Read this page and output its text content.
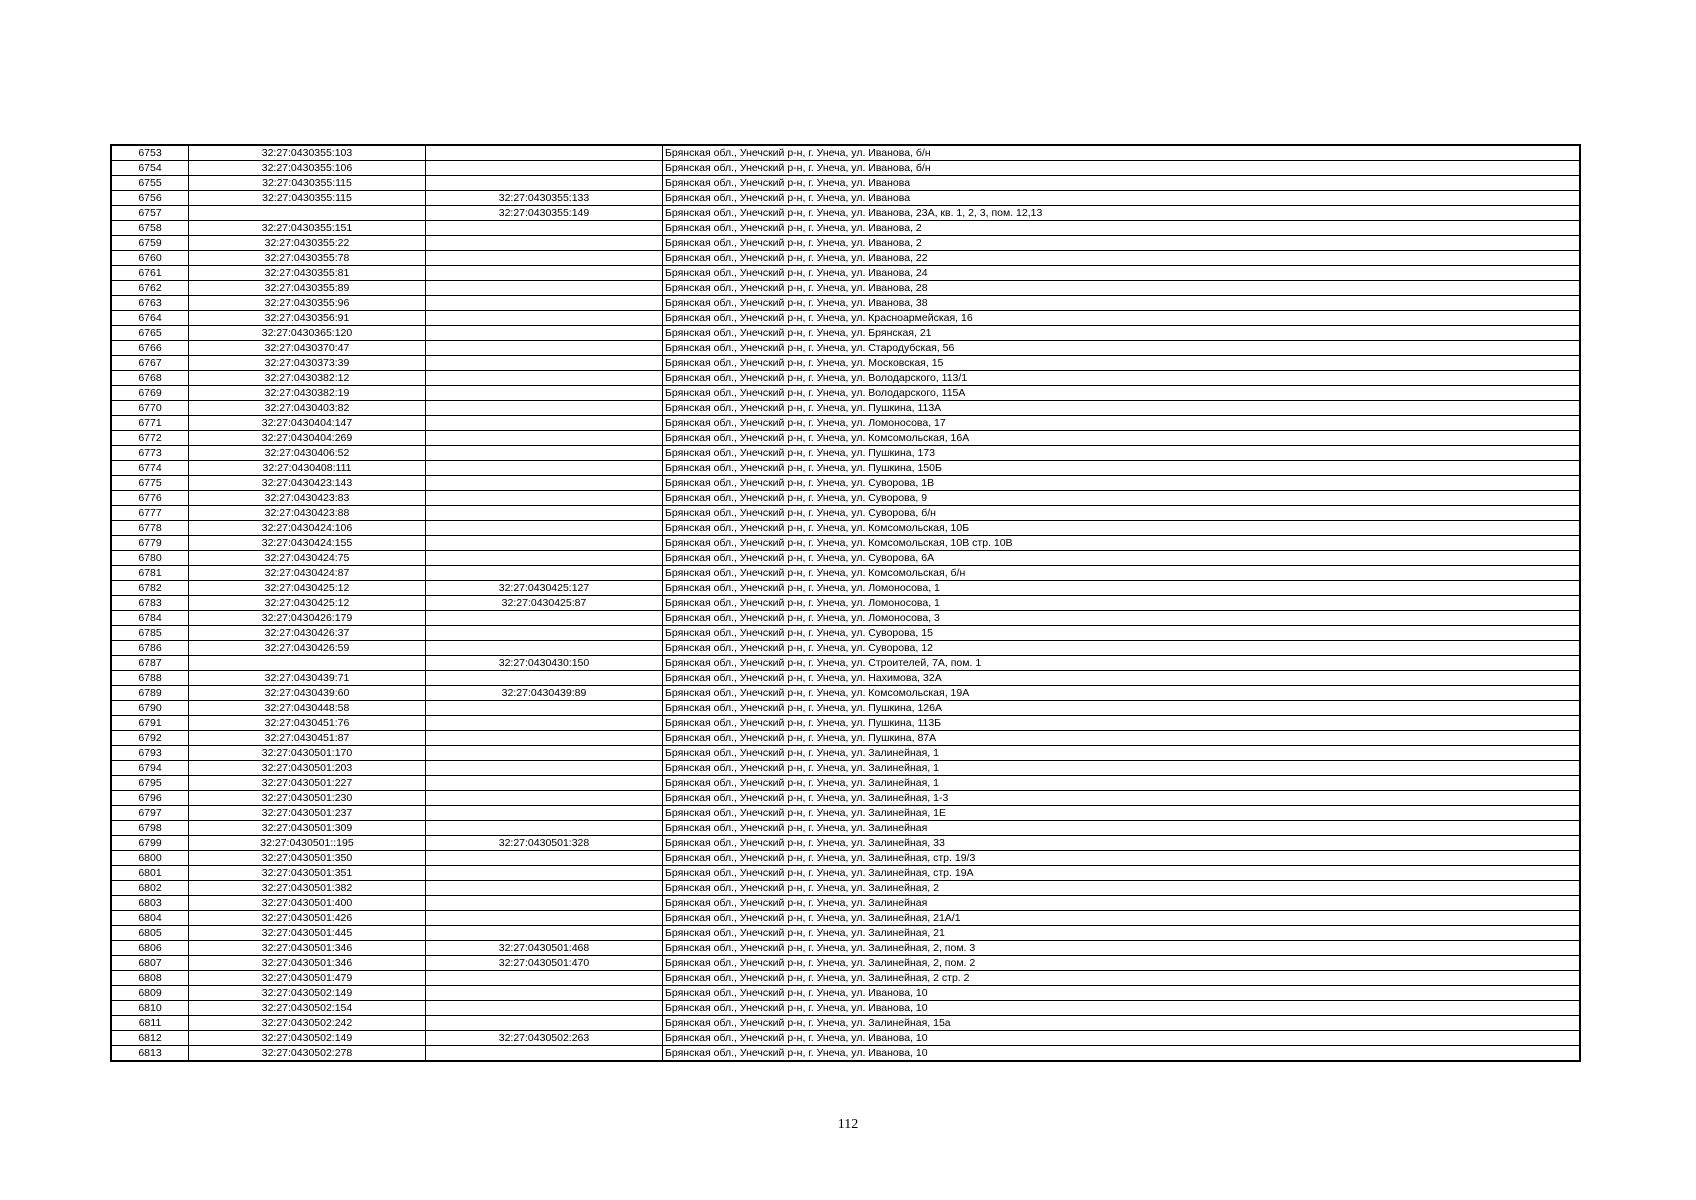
6753	32:27:0430355:103		Брянская обл., Унечский р-н, г. Унеча, ул. Иванова, б/н
6754	32:27:0430355:106		Брянская обл., Унечский р-н, г. Унеча, ул. Иванова, б/н
6755	32:27:0430355:115		Брянская обл., Унечский р-н, г. Унеча, ул. Иванова
6756	32:27:0430355:115	32:27:0430355:133	Брянская обл., Унечский р-н, г. Унеча, ул. Иванова
6757		32:27:0430355:149	Брянская обл., Унечский р-н, г. Унеча, ул. Иванова, 23А, кв. 1, 2, 3, пом. 12,13
6758	32:27:0430355:151		Брянская обл., Унечский р-н, г. Унеча, ул. Иванова, 2
6759	32:27:0430355:22		Брянская обл., Унечский р-н, г. Унеча, ул. Иванова, 2
6760	32:27:0430355:78		Брянская обл., Унечский р-н, г. Унеча, ул. Иванова, 22
6761	32:27:0430355:81		Брянская обл., Унечский р-н, г. Унеча, ул. Иванова, 24
6762	32:27:0430355:89		Брянская обл., Унечский р-н, г. Унеча, ул. Иванова, 28
6763	32:27:0430355:96		Брянская обл., Унечский р-н, г. Унеча, ул. Иванова, 38
6764	32:27:0430356:91		Брянская обл., Унечский р-н, г. Унеча, ул. Красноармейская, 16
6765	32:27:0430365:120		Брянская обл., Унечский р-н, г. Унеча, ул. Брянская, 21
6766	32:27:0430370:47		Брянская обл., Унечский р-н, г. Унеча, ул. Стародубская, 56
6767	32:27:0430373:39		Брянская обл., Унечский р-н, г. Унеча, ул. Московская, 15
6768	32:27:0430382:12		Брянская обл., Унечский р-н, г. Унеча, ул. Володарского, 113/1
6769	32:27:0430382:19		Брянская обл., Унечский р-н, г. Унеча, ул. Володарского, 115А
6770	32:27:0430403:82		Брянская обл., Унечский р-н, г. Унеча, ул. Пушкина, 113А
6771	32:27:0430404:147		Брянская обл., Унечский р-н, г. Унеча, ул. Ломоносова, 17
6772	32:27:0430404:269		Брянская обл., Унечский р-н, г. Унеча, ул. Комсомольская, 16А
6773	32:27:0430406:52		Брянская обл., Унечский р-н, г. Унеча, ул. Пушкина, 173
6774	32:27:0430408:111		Брянская обл., Унечский р-н, г. Унеча, ул. Пушкина, 150Б
6775	32:27:0430423:143		Брянская обл., Унечский р-н, г. Унеча, ул. Суворова, 1В
6776	32:27:0430423:83		Брянская обл., Унечский р-н, г. Унеча, ул. Суворова, 9
6777	32:27:0430423:88		Брянская обл., Унечский р-н, г. Унеча, ул. Суворова, б/н
6778	32:27:0430424:106		Брянская обл., Унечский р-н, г. Унеча, ул. Комсомольская, 10Б
6779	32:27:0430424:155		Брянская обл., Унечский р-н, г. Унеча, ул. Комсомольская, 10В стр. 10В
6780	32:27:0430424:75		Брянская обл., Унечский р-н, г. Унеча, ул. Суворова, 6А
6781	32:27:0430424:87		Брянская обл., Унечский р-н, г. Унеча, ул. Комсомольская, б/н
6782	32:27:0430425:12	32:27:0430425:127	Брянская обл., Унечский р-н, г. Унеча, ул. Ломоносова, 1
6783	32:27:0430425:12	32:27:0430425:87	Брянская обл., Унечский р-н, г. Унеча, ул. Ломоносова, 1
6784	32:27:0430426:179		Брянская обл., Унечский р-н, г. Унеча, ул. Ломоносова, 3
6785	32:27:0430426:37		Брянская обл., Унечский р-н, г. Унеча, ул. Суворова, 15
6786	32:27:0430426:59		Брянская обл., Унечский р-н, г. Унеча, ул. Суворова, 12
6787		32:27:0430430:150	Брянская обл., Унечский р-н, г. Унеча, ул. Строителей, 7А, пом. 1
6788	32:27:0430439:71		Брянская обл., Унечский р-н, г. Унеча, ул. Нахимова, 32А
6789	32:27:0430439:60	32:27:0430439:89	Брянская обл., Унечский р-н, г. Унеча, ул. Комсомольская, 19А
6790	32:27:0430448:58		Брянская обл., Унечский р-н, г. Унеча, ул. Пушкина, 126А
6791	32:27:0430451:76		Брянская обл., Унечский р-н, г. Унеча, ул. Пушкина, 113Б
6792	32:27:0430451:87		Брянская обл., Унечский р-н, г. Унеча, ул. Пушкина, 87А
6793	32:27:0430501:170		Брянская обл., Унечский р-н, г. Унеча, ул. Залинейная, 1
6794	32:27:0430501:203		Брянская обл., Унечский р-н, г. Унеча, ул. Залинейная, 1
6795	32:27:0430501:227		Брянская обл., Унечский р-н, г. Унеча, ул. Залинейная, 1
6796	32:27:0430501:230		Брянская обл., Унечский р-н, г. Унеча, ул. Залинейная, 1-3
6797	32:27:0430501:237		Брянская обл., Унечский р-н, г. Унеча, ул. Залинейная, 1Е
6798	32:27:0430501:309		Брянская обл., Унечский р-н, г. Унеча, ул. Залинейная
6799	32:27:0430501::195	32:27:0430501:328	Брянская обл., Унечский р-н, г. Унеча, ул. Залинейная, 33
6800	32:27:0430501:350		Брянская обл., Унечский р-н, г. Унеча, ул. Залинейная, стр. 19/3
6801	32:27:0430501:351		Брянская обл., Унечский р-н, г. Унеча, ул. Залинейная, стр. 19А
6802	32:27:0430501:382		Брянская обл., Унечский р-н, г. Унеча, ул. Залинейная, 2
6803	32:27:0430501:400		Брянская обл., Унечский р-н, г. Унеча, ул. Залинейная
6804	32:27:0430501:426		Брянская обл., Унечский р-н, г. Унеча, ул. Залинейная, 21А/1
6805	32:27:0430501:445		Брянская обл., Унечский р-н, г. Унеча, ул. Залинейная, 21
6806	32:27:0430501:346	32:27:0430501:468	Брянская обл., Унечский р-н, г. Унеча, ул. Залинейная, 2, пом. 3
6807	32:27:0430501:346	32:27:0430501:470	Брянская обл., Унечский р-н, г. Унеча, ул. Залинейная, 2, пом. 2
6808	32:27:0430501:479		Брянская обл., Унечский р-н, г. Унеча, ул. Залинейная, 2 стр. 2
6809	32:27:0430502:149		Брянская обл., Унечский р-н, г. Унеча, ул. Иванова, 10
6810	32:27:0430502:154		Брянская обл., Унечский р-н, г. Унеча, ул. Иванова, 10
6811	32:27:0430502:242		Брянская обл., Унечский р-н, г. Унеча, ул. Залинейная, 15а
6812	32:27:0430502:149	32:27:0430502:263	Брянская обл., Унечский р-н, г. Унеча, ул. Иванова, 10
6813	32:27:0430502:278		Брянская обл., Унечский р-н, г. Унеча, ул. Иванова, 10
112
